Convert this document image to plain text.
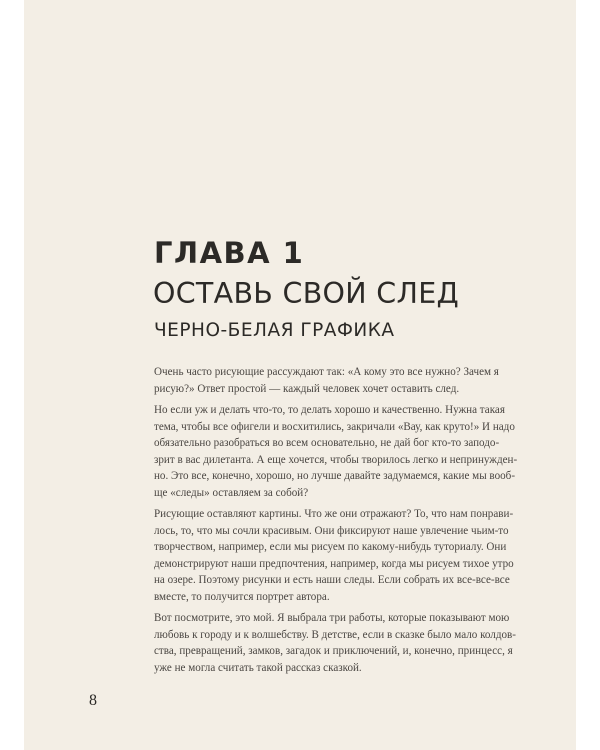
ГЛАВА 1
ОСТАВЬ СВОЙ СЛЕД
ЧЕРНО-БЕЛАЯ ГРАФИКА

Очень часто рисующие рассуждают так: «А кому это все нужно? Зачем я
рисую?» Ответ простой — каждый человек хочет оставить след.

Но если уж и делать что-то, то делать хорошо и качественно. Нужна такая
тема, чтобы все офигели и восхитились, закричали «Вау, как круто!» И надо
обязательно разобраться во всем основательно, не дай бог кто-то заподо-
зрит в вас дилетанта. А еще хочется, чтобы творилось легко и непринужден-
но. Это все, конечно, хорошо, но лучше давайте задумаемся, какие мы вооб-
ще «следы» оставляем за собой?

Рисующие оставляют картины. Что же они отражают? То, что нам понрави-
лось, то, что мы сочли красивым. Они фиксируют наше увлечение чьим-то
творчеством, например, если мы рисуем по какому-нибудь туториалу. Они
демонстрируют наши предпочтения, например, когда мы рисуем тихое утро
на озере. Поэтому рисунки и есть наши следы. Если собрать их все-все-все
вместе, то получится портрет автора.

Вот посмотрите, это мой. Я выбрала три работы, которые показывают мою
любовь к городу и к волшебству. В детстве, если в сказке было мало колдов-
ства, превращений, замков, загадок и приключений, и, конечно, принцесс, я
уже не могла считать такой рассказ сказкой.

8
